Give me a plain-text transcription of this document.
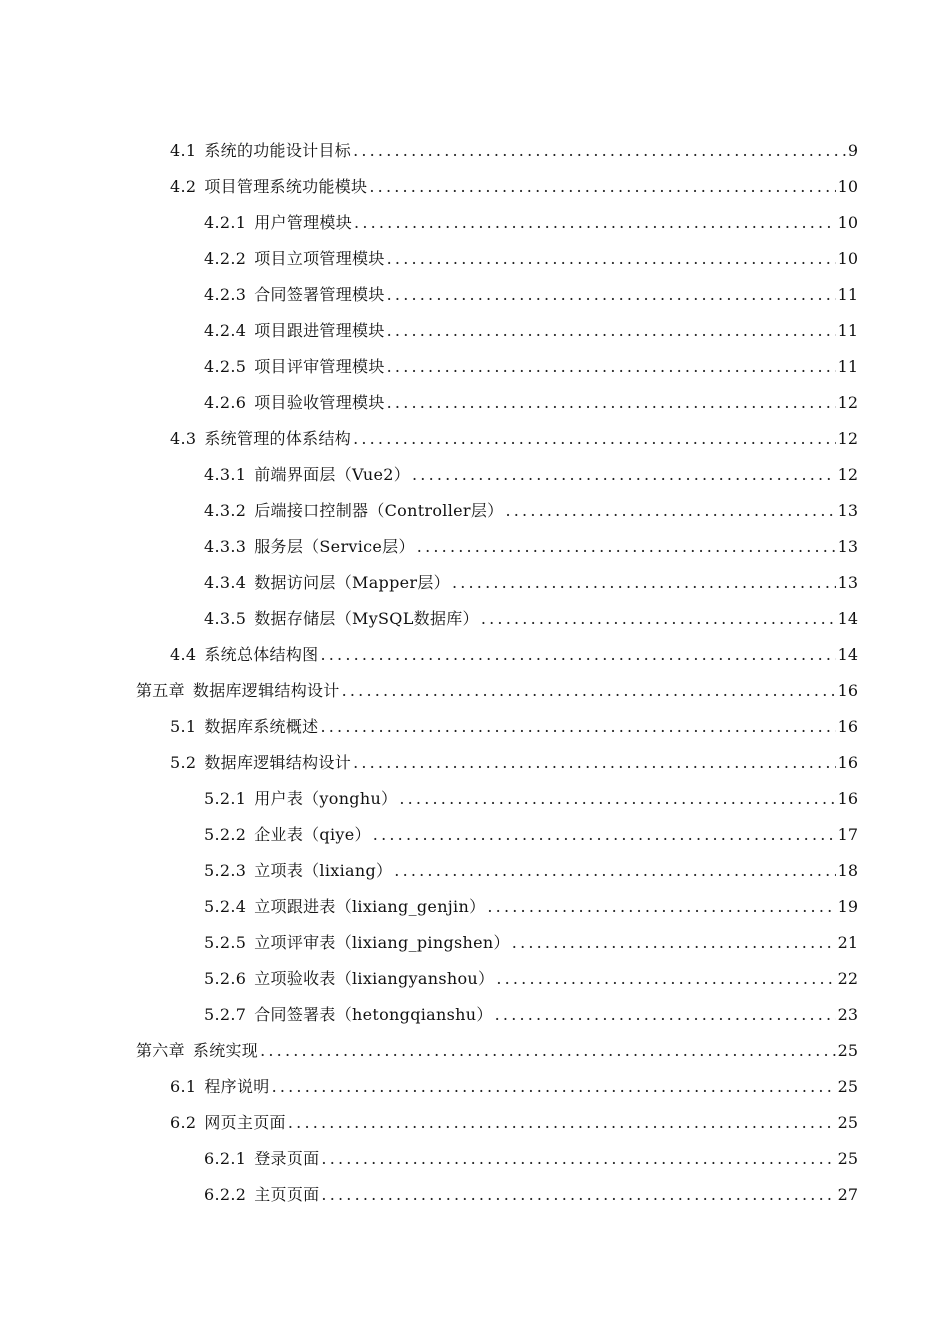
4.1 系统的功能设计目标 .....	9
4.2 项目管理系统功能模块 .....	10
4.2.1 用户管理模块 .....	10
4.2.2 项目立项管理模块 .....	10
4.2.3 合同签署管理模块 .....	11
4.2.4 项目跟进管理模块 .....	11
4.2.5 项目评审管理模块 .....	11
4.2.6 项目验收管理模块 .....	12
4.3 系统管理的体系结构 .....	12
4.3.1 前端界面层（Vue2） .....	12
4.3.2 后端接口控制器（Controller层） .....	13
4.3.3 服务层（Service层） .....	13
4.3.4 数据访问层（Mapper层） .....	13
4.3.5 数据存储层（MySQL数据库） .....	14
4.4 系统总体结构图 .....	14
第五章 数据库逻辑结构设计 .....	16
5.1 数据库系统概述 .....	16
5.2 数据库逻辑结构设计 .....	16
5.2.1 用户表（yonghu） .....	16
5.2.2 企业表（qiye） .....	17
5.2.3 立项表（lixiang） .....	18
5.2.4 立项跟进表（lixiang_genjin） .....	19
5.2.5 立项评审表（lixiang_pingshen） .....	21
5.2.6 立项验收表（lixiangyanshou） .....	22
5.2.7 合同签署表（hetongqianshu） .....	23
第六章 系统实现 .....	25
6.1 程序说明 .....	25
6.2 网页主页面 .....	25
6.2.1 登录页面 .....	25
6.2.2 主页页面 .....	27
